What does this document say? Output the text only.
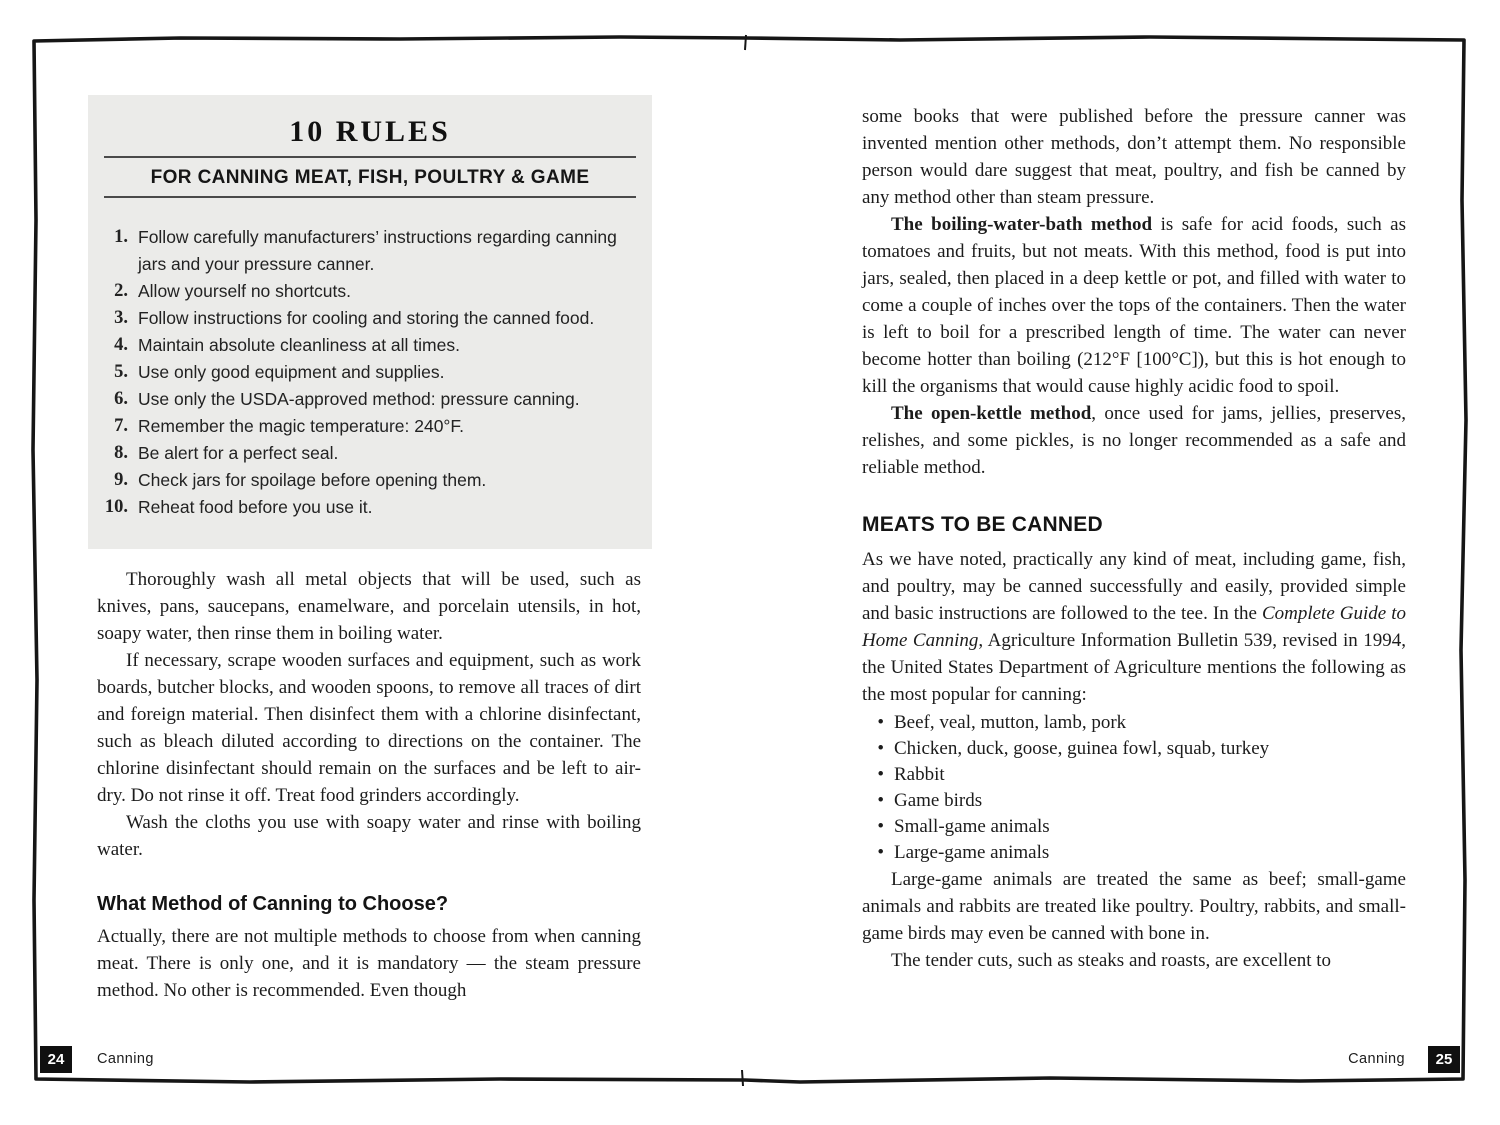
10 RULES
FOR CANNING MEAT, FISH, POULTRY & GAME
1. Follow carefully manufacturers’ instructions regarding canning jars and your pressure canner.
2. Allow yourself no shortcuts.
3. Follow instructions for cooling and storing the canned food.
4. Maintain absolute cleanliness at all times.
5. Use only good equipment and supplies.
6. Use only the USDA-approved method: pressure canning.
7. Remember the magic temperature: 240°F.
8. Be alert for a perfect seal.
9. Check jars for spoilage before opening them.
10. Reheat food before you use it.

Thoroughly wash all metal objects that will be used, such as knives, pans, saucepans, enamelware, and porcelain utensils, in hot, soapy water, then rinse them in boiling water.

If necessary, scrape wooden surfaces and equipment, such as work boards, butcher blocks, and wooden spoons, to remove all traces of dirt and foreign material. Then disinfect them with a chlorine disinfectant, such as bleach diluted according to directions on the container. The chlorine disinfectant should remain on the surfaces and be left to air-dry. Do not rinse it off. Treat food grinders accordingly.

Wash the cloths you use with soapy water and rinse with boiling water.

What Method of Canning to Choose?

Actually, there are not multiple methods to choose from when canning meat. There is only one, and it is mandatory — the steam pressure method. No other is recommended. Even though

some books that were published before the pressure canner was invented mention other methods, don’t attempt them. No responsible person would dare suggest that meat, poultry, and fish be canned by any method other than steam pressure.

The boiling-water-bath method is safe for acid foods, such as tomatoes and fruits, but not meats. With this method, food is put into jars, sealed, then placed in a deep kettle or pot, and filled with water to come a couple of inches over the tops of the containers. Then the water is left to boil for a prescribed length of time. The water can never become hotter than boiling (212°F [100°C]), but this is hot enough to kill the organisms that would cause highly acidic food to spoil.

The open-kettle method, once used for jams, jellies, preserves, relishes, and some pickles, is no longer recommended as a safe and reliable method.

MEATS TO BE CANNED

As we have noted, practically any kind of meat, including game, fish, and poultry, may be canned successfully and easily, provided simple and basic instructions are followed to the tee. In the Complete Guide to Home Canning, Agriculture Information Bulletin 539, revised in 1994, the United States Department of Agriculture mentions the following as the most popular for canning:

•
Beef, veal, mutton, lamb, pork
•
Chicken, duck, goose, guinea fowl, squab, turkey
•
Rabbit
•
Game birds
•
Small-game animals
•
Large-game animals

Large-game animals are treated the same as beef; small-game animals and rabbits are treated like poultry. Poultry, rabbits, and small-game birds may even be canned with bone in.

The tender cuts, such as steaks and roasts, are excellent to

24	Canning	Canning	25
